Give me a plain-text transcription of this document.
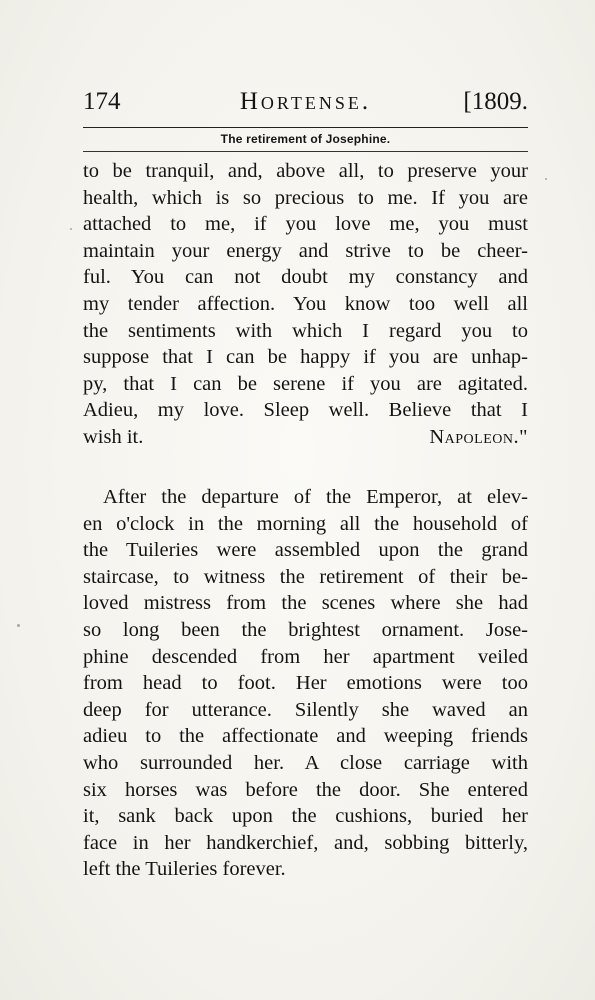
174	Hortense.	[1809.
The retirement of Josephine.
to be tranquil, and, above all, to preserve your
health, which is so precious to me. If you are
attached to me, if you love me, you must
maintain your energy and strive to be cheer-
ful. You can not doubt my constancy and
my tender affection. You know too well all
the sentiments with which I regard you to
suppose that I can be happy if you are unhap-
py, that I can be serene if you are agitated.
Adieu, my love. Sleep well. Believe that I
wish it.	Napoleon."
After the departure of the Emperor, at elev-
en o'clock in the morning all the household of
the Tuileries were assembled upon the grand
staircase, to witness the retirement of their be-
loved mistress from the scenes where she had
so long been the brightest ornament. Jose-
phine descended from her apartment veiled
from head to foot. Her emotions were too
deep for utterance. Silently she waved an
adieu to the affectionate and weeping friends
who surrounded her. A close carriage with
six horses was before the door. She entered
it, sank back upon the cushions, buried her
face in her handkerchief, and, sobbing bitterly,
left the Tuileries forever.
